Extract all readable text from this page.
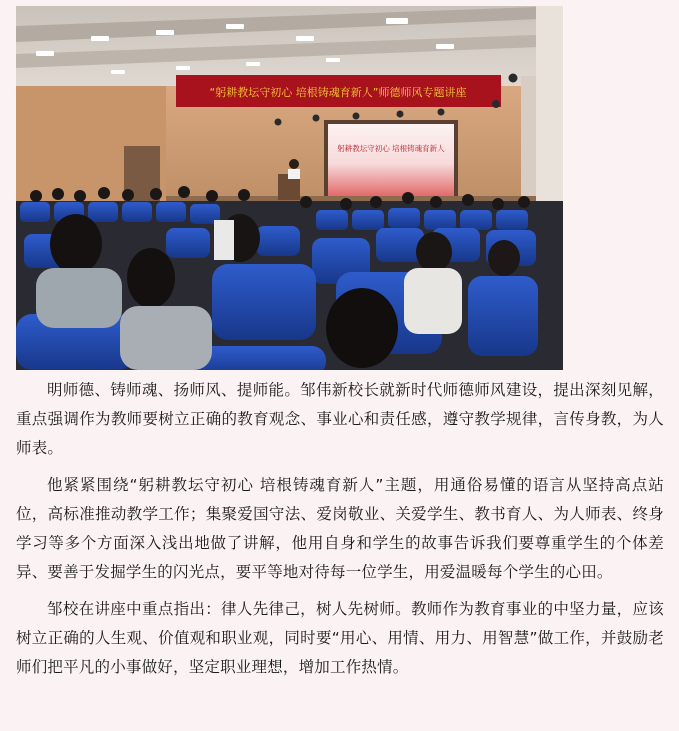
“躬耕教坛守初心 培根铸魂育新人”师德师风专题讲座
躬耕教坛守初心 培根铸魂育新人

明师德、铸师魂、扬师风、提师能。邹伟新校长就新时代师德师风建设，提出深刻见解，重点强调作为教师要树立正确的教育观念、事业心和责任感，遵守教学规律，言传身教，为人师表。

他紧紧围绕“躬耕教坛守初心 培根铸魂育新人”主题，用通俗易懂的语言从坚持高点站位，高标准推动教学工作；集聚爱国守法、爱岗敬业、关爱学生、教书育人、为人师表、终身学习等多个方面深入浅出地做了讲解，他用自身和学生的故事告诉我们要尊重学生的个体差异、要善于发掘学生的闪光点，要平等地对待每一位学生，用爱温暖每个学生的心田。

邹校在讲座中重点指出：律人先律己，树人先树师。教师作为教育事业的中坚力量，应该树立正确的人生观、价值观和职业观，同时要“用心、用情、用力、用智慧”做工作，并鼓励老师们把平凡的小事做好，坚定职业理想，增加工作热情。
